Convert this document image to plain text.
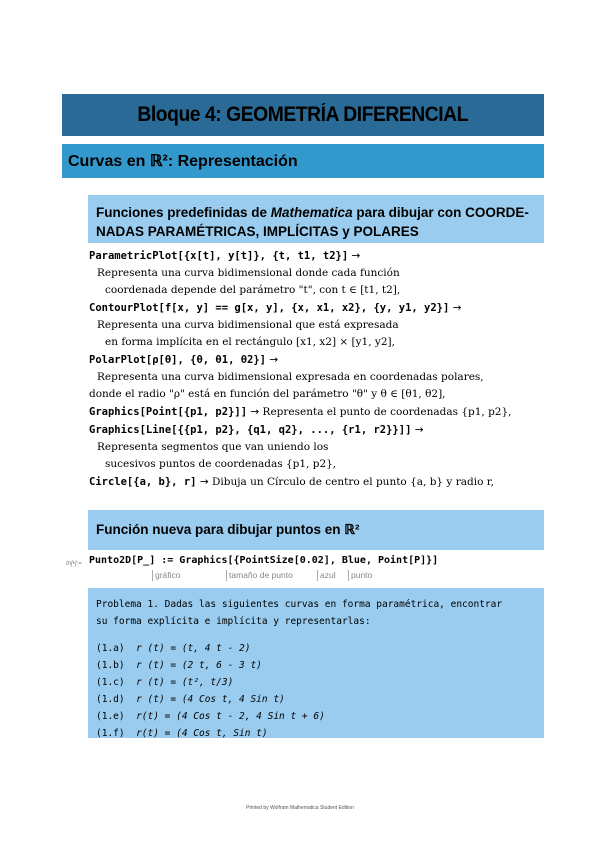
Bloque 4: GEOMETRÍA DIFERENCIAL
Curvas en ℝ²: Representación
Funciones predefinidas de Mathematica para dibujar con COORDE-
NADAS PARAMÉTRICAS, IMPLÍCITAS y POLARES
ParametricPlot[{x[t], y[t]}, {t, t1, t2}] →
Representa una curva bidimensional donde cada función
coordenada depende del parámetro "t", con t ∈ [t1, t2],
ContourPlot[f[x, y] == g[x, y], {x, x1, x2}, {y, y1, y2}] →
Representa una curva bidimensional que está expresada
en forma implícita en el rectángulo [x1, x2] × [y1, y2],
PolarPlot[ρ[θ], {θ, θ1, θ2}] →
Representa una curva bidimensional expresada en coordenadas polares,
donde el radio "ρ" está en función del parámetro "θ" y θ ∈ [θ1, θ2],
Graphics[Point[{p1, p2}]] → Representa el punto de coordenadas {p1, p2},
Graphics[Line[{{p1, p2}, {q1, q2}, ..., {r1, r2}}]] →
Representa segmentos que van uniendo los
sucesivos puntos de coordenadas {p1, p2},
Circle[{a, b}, r] → Dibuja un Círculo de centro el punto {a, b} y radio r,
Función nueva para dibujar puntos en ℝ²
In[•]:= Punto2D[P_] := Graphics[{PointSize[0.02], Blue, Point[P]}]
gráfico	tamaño de punto	azul	punto
Problema 1. Dadas las siguientes curvas en forma paramétrica, encontrar
su forma explícita e implícita y representarlas:
(1.a) r (t) = (t, 4 t - 2)
(1.b) r (t) = (2 t, 6 - 3 t)
(1.c) r (t) = (t², t/3)
(1.d) r (t) = (4 Cos t, 4 Sin t)
(1.e) r(t) = (4 Cos t - 2, 4 Sin t + 6)
(1.f) r(t) = (4 Cos t, Sin t)
Printed by Wolfram Mathematica Student Edition
